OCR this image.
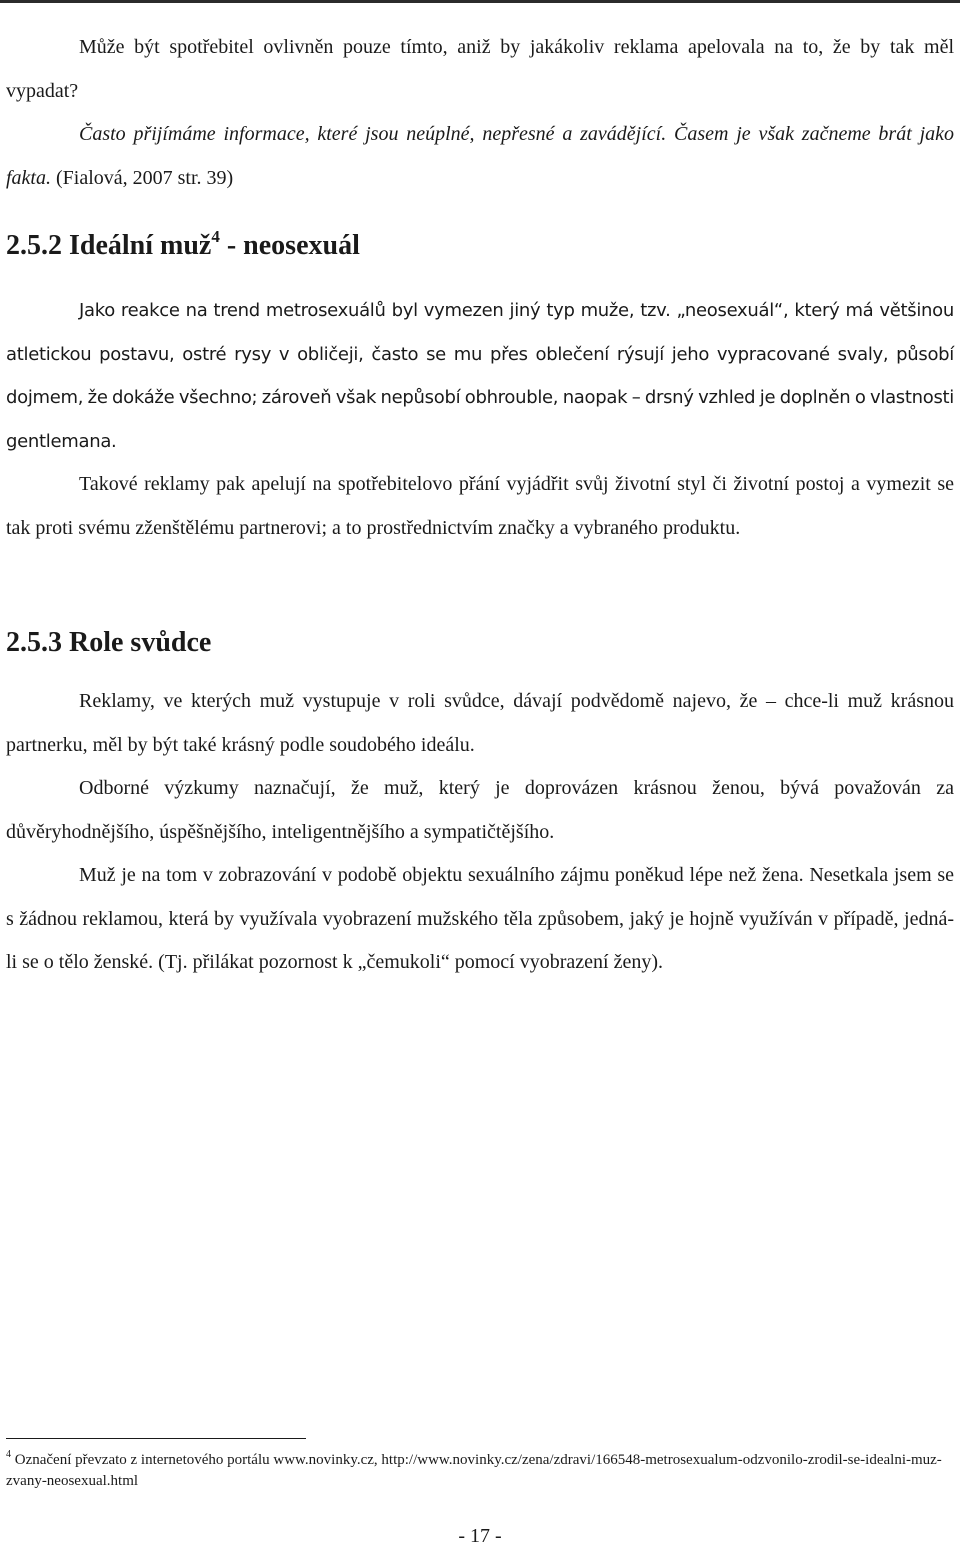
Může být spotřebitel ovlivněn pouze tímto, aniž by jakákoliv reklama apelovala na to, že by tak měl vypadat?

Často přijímáme informace, které jsou neúplné, nepřesné a zavádějící. Časem je však začneme brát jako fakta. (Fialová, 2007 str. 39)

2.5.2 Ideální muž$^4$ - neosexuál

Jako reakce na trend metrosexuálů byl vymezen jiný typ muže, tzv. „neosexuál“, který má většinou atletickou postavu, ostré rysy v obličeji, často se mu přes oblečení rýsují jeho vypracované svaly, působí dojmem, že dokáže všechno; zároveň však nepůsobí obhrouble, naopak – drsný vzhled je doplněn o vlastnosti gentlemana.

Takové reklamy pak apelují na spotřebitelovo přání vyjádřit svůj životní styl či životní postoj a vymezit se tak proti svému zženštělému partnerovi; a to prostřednictvím značky a vybraného produktu.

2.5.3 Role svůdce

Reklamy, ve kterých muž vystupuje v roli svůdce, dávají podvědomě najevo, že – chce-li muž krásnou partnerku, měl by být také krásný podle soudobého ideálu.

Odborné výzkumy naznačují, že muž, který je doprovázen krásnou ženou, bývá považován za důvěryhodnějšího, úspěšnějšího, inteligentnějšího a sympatičtějšího.

Muž je na tom v zobrazování v podobě objektu sexuálního zájmu poněkud lépe než žena. Nesetkala jsem se s žádnou reklamou, která by využívala vyobrazení mužského těla způsobem, jaký je hojně využíván v případě, jedná-li se o tělo ženské. (Tj. přilákat pozornost k „čemukoli“ pomocí vyobrazení ženy).

$^4$ Označení převzato z internetového portálu www.novinky.cz, http://www.novinky.cz/zena/zdravi/166548-metrosexualum-odzvonilo-zrodil-se-idealni-muz-zvany-neosexual.html
- 17 -
